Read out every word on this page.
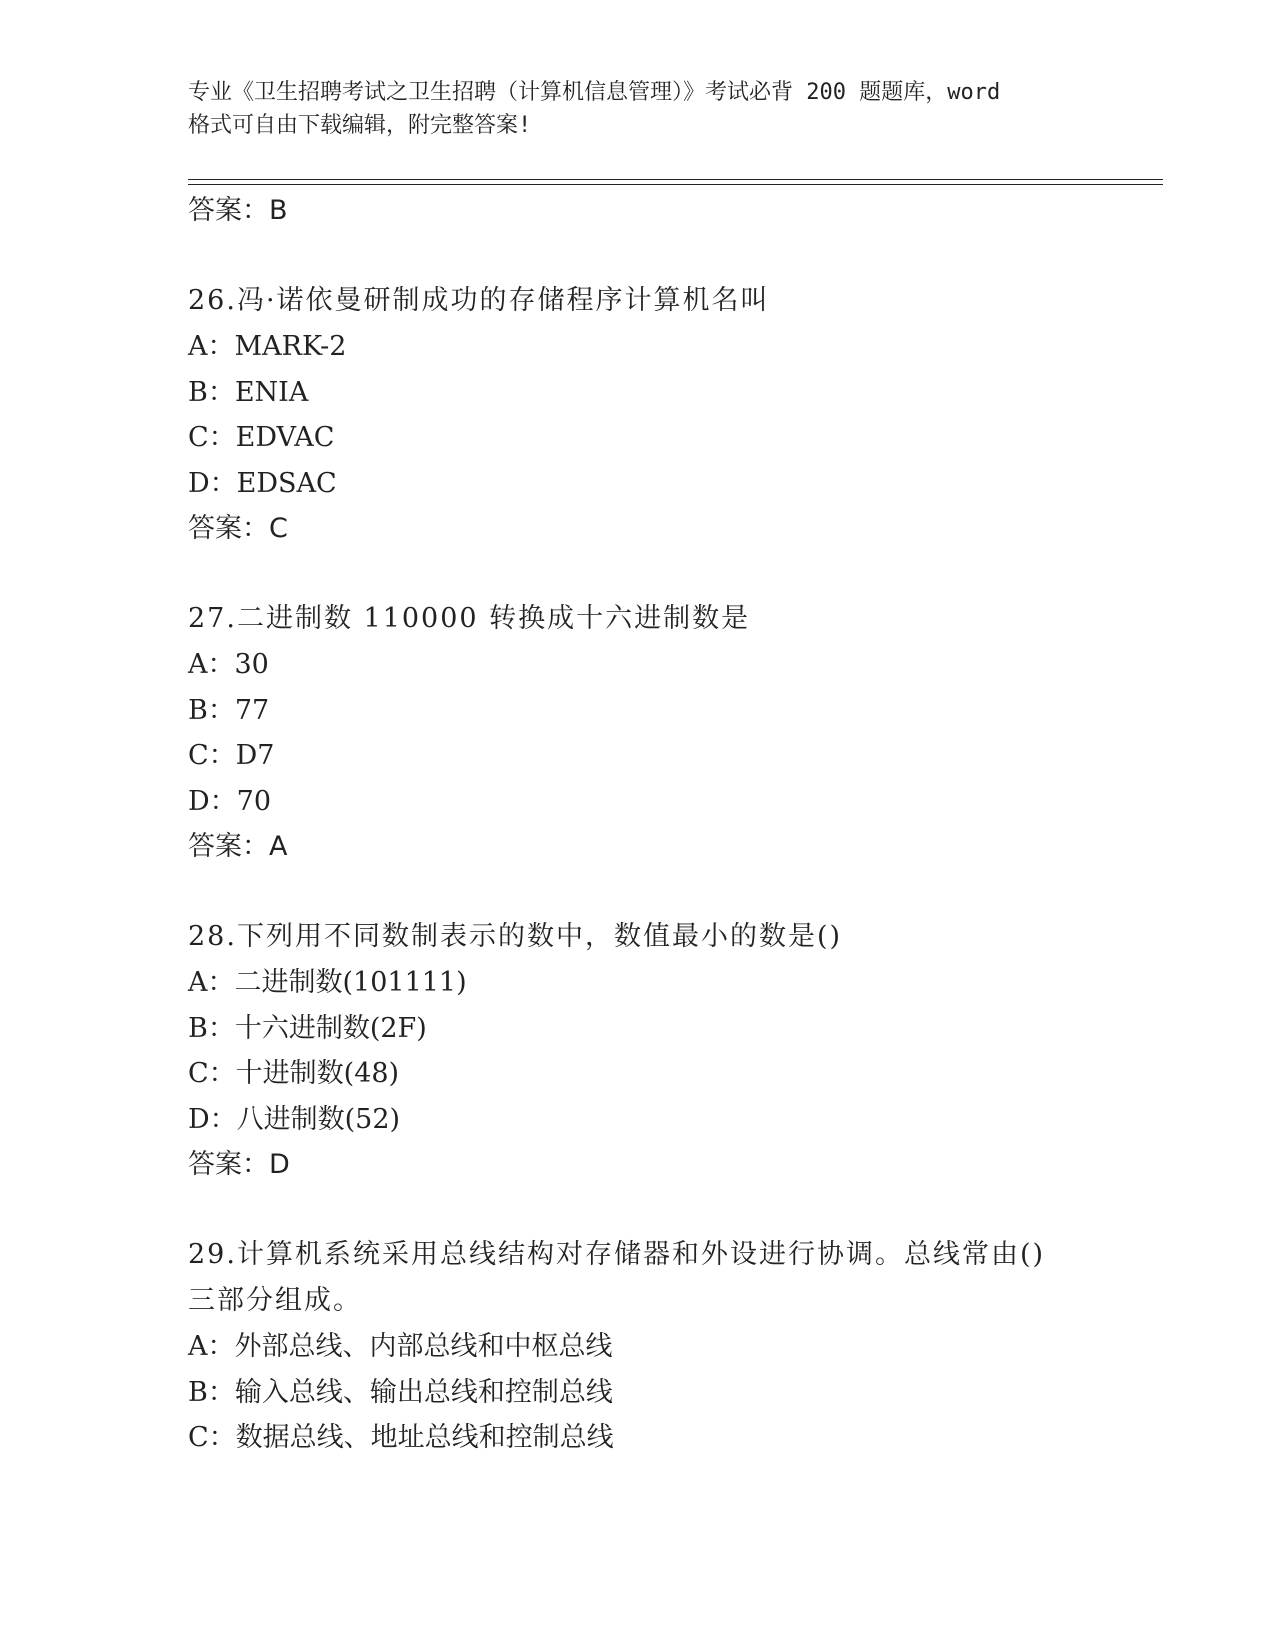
专业《卫生招聘考试之卫生招聘（计算机信息管理）》考试必背 200 题题库，word
格式可自由下载编辑，附完整答案!
答案：B
26.冯·诺依曼研制成功的存储程序计算机名叫
A：MARK-2
B：ENIA
C：EDVAC
D：EDSAC
答案：C
27.二进制数 110000 转换成十六进制数是
A：30
B：77
C：D7
D：70
答案：A
28.下列用不同数制表示的数中，数值最小的数是()
A：二进制数(101111)
B：十六进制数(2F)
C：十进制数(48)
D：八进制数(52)
答案：D
29.计算机系统采用总线结构对存储器和外设进行协调。总线常由()三部分组成。
A：外部总线、内部总线和中枢总线
B：输入总线、输出总线和控制总线
C：数据总线、地址总线和控制总线
